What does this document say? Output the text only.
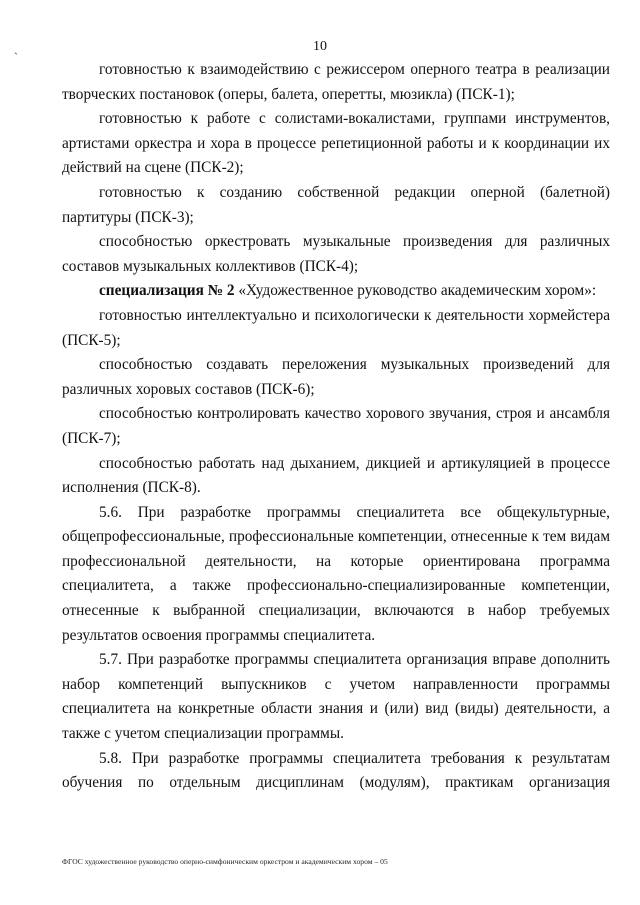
10
`

готовностью к взаимодействию с режиссером оперного театра в реализации творческих постановок (оперы, балета, оперетты, мюзикла) (ПСК-1);

готовностью к работе с солистами-вокалистами, группами инструментов, артистами оркестра и хора в процессе репетиционной работы и к координации их действий на сцене (ПСК-2);

готовностью к созданию собственной редакции оперной (балетной) партитуры (ПСК-3);

способностью оркестровать музыкальные произведения для различных составов музыкальных коллективов (ПСК-4);

специализация № 2 «Художественное руководство академическим хором»:

готовностью интеллектуально и психологически к деятельности хормейстера (ПСК-5);

способностью создавать переложения музыкальных произведений для различных хоровых составов (ПСК-6);

способностью контролировать качество хорового звучания, строя и ансамбля (ПСК-7);

способностью работать над дыханием, дикцией и артикуляцией в процессе исполнения (ПСК-8).

5.6. При разработке программы специалитета все общекультурные, общепрофессиональные, профессиональные компетенции, отнесенные к тем видам профессиональной деятельности, на которые ориентирована программа специалитета, а также профессионально-специализированные компетенции, отнесенные к выбранной специализации, включаются в набор требуемых результатов освоения программы специалитета.

5.7. При разработке программы специалитета организация вправе дополнить набор компетенций выпускников с учетом направленности программы специалитета на конкретные области знания и (или) вид (виды) деятельности, а также с учетом специализации программы.

5.8. При разработке программы специалитета требования к результатам обучения по отдельным дисциплинам (модулям), практикам организация

ФГОС художественное руководство оперно-симфоническим оркестром и академическим хором – 05
